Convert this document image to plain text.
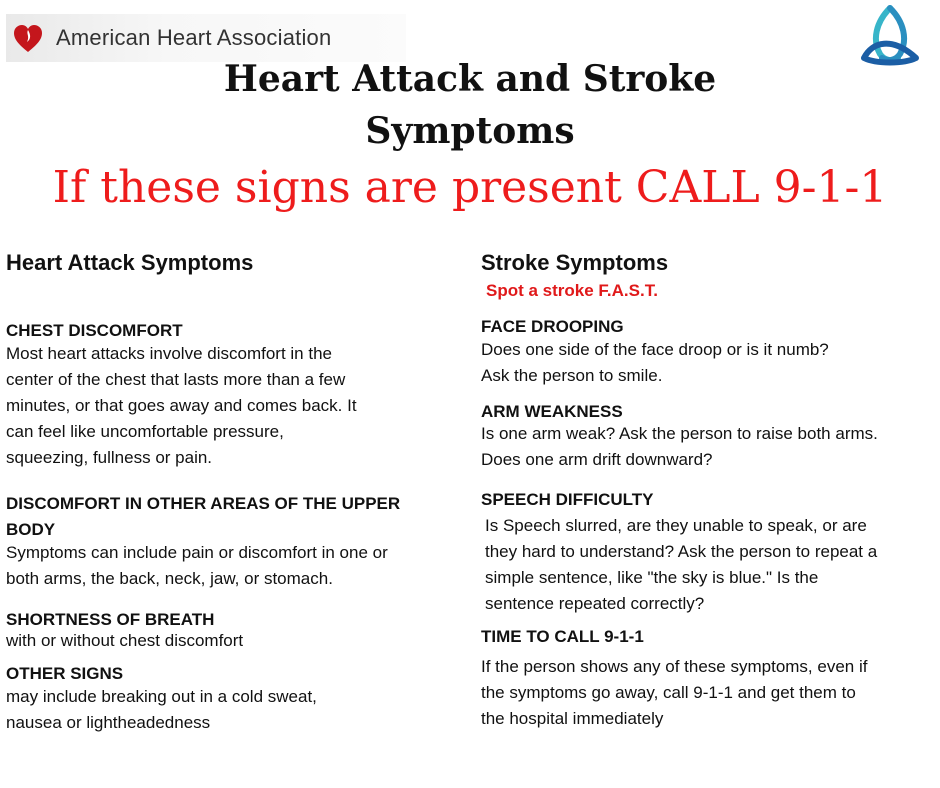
American Heart Association
Heart Attack and Stroke
Symptoms
If these signs are present CALL 9-1-1
Heart Attack Symptoms
CHEST DISCOMFORT
Most heart attacks involve discomfort in the
center of the chest that lasts more than a few
minutes, or that goes away and comes back. It
can feel like uncomfortable pressure,
squeezing, fullness or pain.
DISCOMFORT IN OTHER AREAS OF THE UPPER BODY
Symptoms can include pain or discomfort in one or
both arms, the back, neck, jaw, or stomach.
SHORTNESS OF BREATH
with or without chest discomfort
OTHER SIGNS
may include breaking out in a cold sweat,
nausea or lightheadedness
Stroke Symptoms
Spot a stroke F.A.S.T.
FACE DROOPING
Does one side of the face droop or is it numb?
Ask the person to smile.
ARM WEAKNESS
Is one arm weak? Ask the person to raise both arms.
Does one arm drift downward?
SPEECH DIFFICULTY
Is Speech slurred, are they unable to speak, or are
they hard to understand? Ask the person to repeat a
simple sentence, like "the sky is blue." Is the
sentence repeated correctly?
TIME TO CALL 9-1-1
If the person shows any of these symptoms, even if
the symptoms go away, call 9-1-1 and get them to
the hospital immediately
